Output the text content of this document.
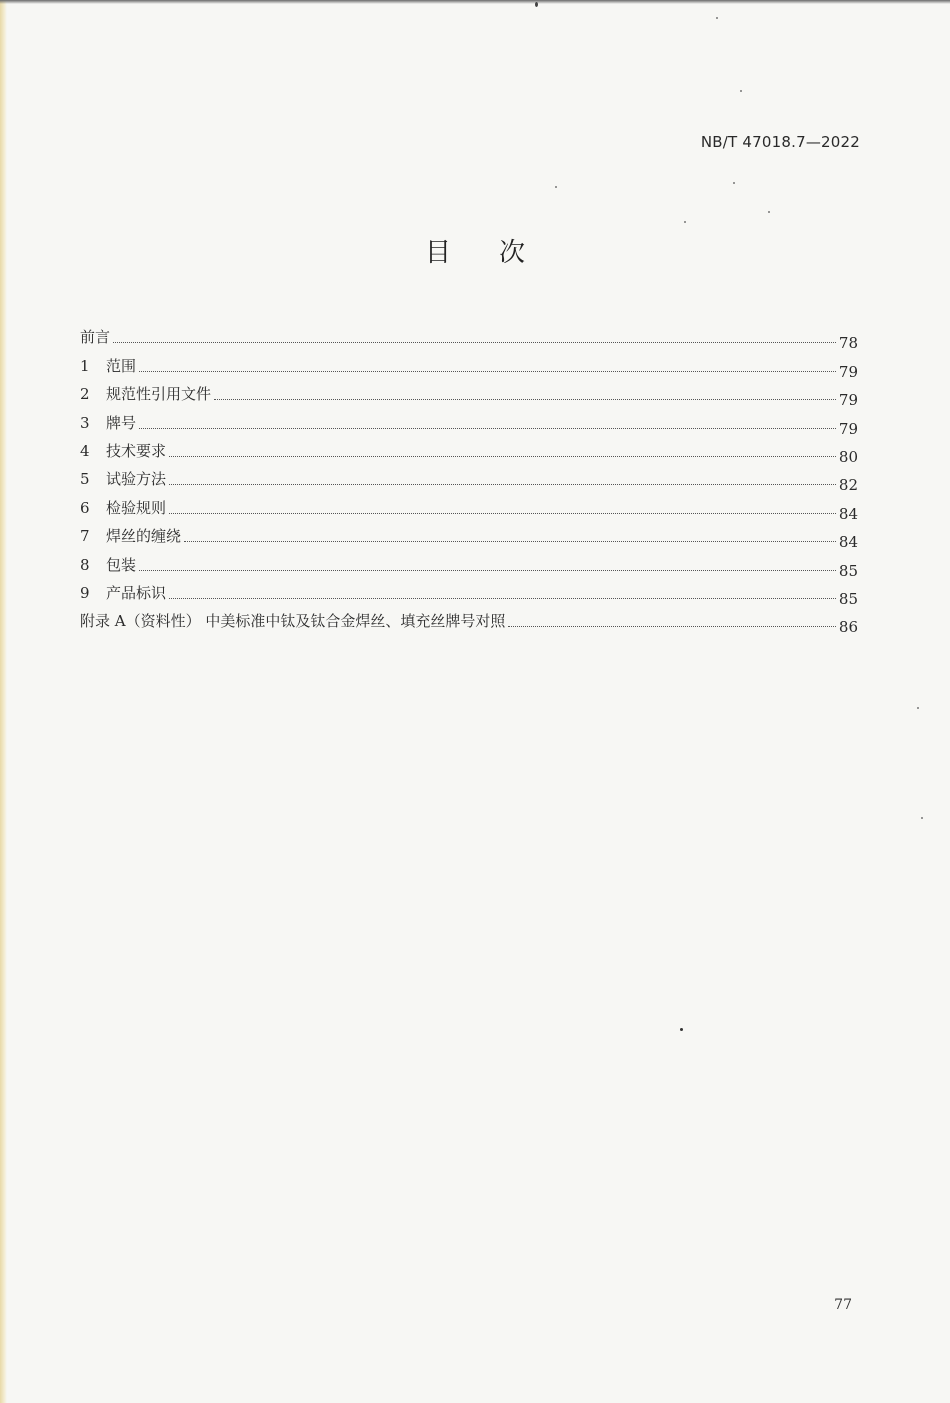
NB/T 47018.7—2022
目次
前言	78
1	范围	79
2	规范性引用文件	79
3	牌号	79
4	技术要求	80
5	试验方法	82
6	检验规则	84
7	焊丝的缠绕	84
8	包装	85
9	产品标识	85
附录 A（资料性） 中美标准中钛及钛合金焊丝、填充丝牌号对照	86
77
